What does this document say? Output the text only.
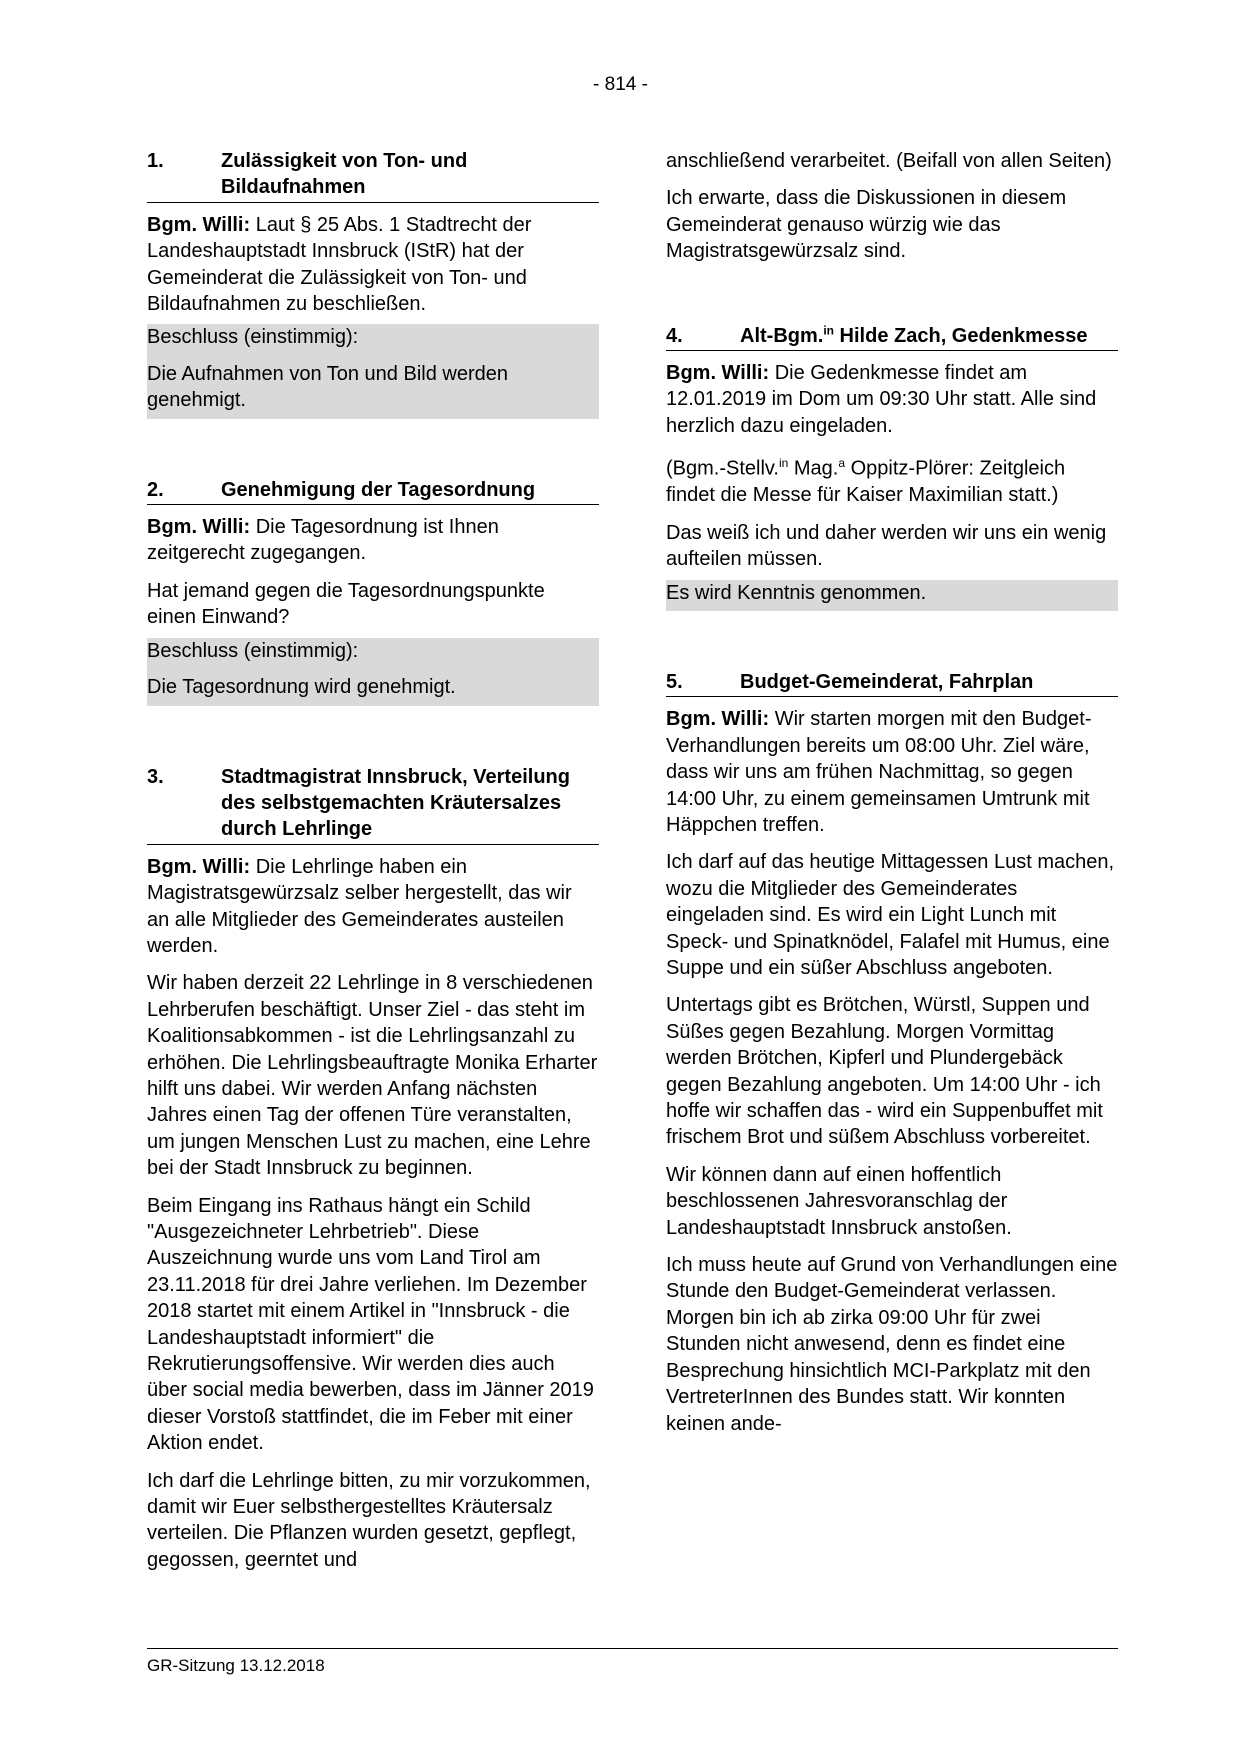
- 814 -
1.	Zulässigkeit von Ton- und Bildaufnahmen

Bgm. Willi: Laut § 25 Abs. 1 Stadtrecht der Landeshauptstadt Innsbruck (IStR) hat der Gemeinderat die Zulässigkeit von Ton- und Bildaufnahmen zu beschließen.

Beschluss (einstimmig):
Die Aufnahmen von Ton und Bild werden genehmigt.
2.	Genehmigung der Tagesordnung

Bgm. Willi: Die Tagesordnung ist Ihnen zeitgerecht zugegangen.

Hat jemand gegen die Tagesordnungspunkte einen Einwand?

Beschluss (einstimmig):
Die Tagesordnung wird genehmigt.
3.	Stadtmagistrat Innsbruck, Verteilung des selbstgemachten Kräutersalzes durch Lehrlinge

Bgm. Willi: Die Lehrlinge haben ein Magistratsgewürzsalz selber hergestellt, das wir an alle Mitglieder des Gemeinderates austeilen werden.

Wir haben derzeit 22 Lehrlinge in 8 verschiedenen Lehrberufen beschäftigt. Unser Ziel - das steht im Koalitionsabkommen - ist die Lehrlingsanzahl zu erhöhen. Die Lehrlingsbeauftragte Monika Erharter hilft uns dabei. Wir werden Anfang nächsten Jahres einen Tag der offenen Türe veranstalten, um jungen Menschen Lust zu machen, eine Lehre bei der Stadt Innsbruck zu beginnen.

Beim Eingang ins Rathaus hängt ein Schild "Ausgezeichneter Lehrbetrieb". Diese Auszeichnung wurde uns vom Land Tirol am 23.11.2018 für drei Jahre verliehen. Im Dezember 2018 startet mit einem Artikel in "Innsbruck - die Landeshauptstadt informiert" die Rekrutierungsoffensive. Wir werden dies auch über social media bewerben, dass im Jänner 2019 dieser Vorstoß stattfindet, die im Feber mit einer Aktion endet.

Ich darf die Lehrlinge bitten, zu mir vorzukommen, damit wir Euer selbsthergestelltes Kräutersalz verteilen. Die Pflanzen wurden gesetzt, gepflegt, gegossen, geerntet und

anschließend verarbeitet. (Beifall von allen Seiten)

Ich erwarte, dass die Diskussionen in diesem Gemeinderat genauso würzig wie das Magistratsgewürzsalz sind.

4.	Alt-Bgm.$^{in}$ Hilde Zach, Gedenkmesse

Bgm. Willi: Die Gedenkmesse findet am 12.01.2019 im Dom um 09:30 Uhr statt. Alle sind herzlich dazu eingeladen.

(Bgm.-Stellv.$^{in}$ Mag.$^a$ Oppitz-Plörer: Zeitgleich findet die Messe für Kaiser Maximilian statt.)

Das weiß ich und daher werden wir uns ein wenig aufteilen müssen.

Es wird Kenntnis genommen.
5.	Budget-Gemeinderat, Fahrplan

Bgm. Willi: Wir starten morgen mit den Budget-Verhandlungen bereits um 08:00 Uhr. Ziel wäre, dass wir uns am frühen Nachmittag, so gegen 14:00 Uhr, zu einem gemeinsamen Umtrunk mit Häppchen treffen.

Ich darf auf das heutige Mittagessen Lust machen, wozu die Mitglieder des Gemeinderates eingeladen sind. Es wird ein Light Lunch mit Speck- und Spinatknödel, Falafel mit Humus, eine Suppe und ein süßer Abschluss angeboten.

Untertags gibt es Brötchen, Würstl, Suppen und Süßes gegen Bezahlung. Morgen Vormittag werden Brötchen, Kipferl und Plundergebäck gegen Bezahlung angeboten. Um 14:00 Uhr - ich hoffe wir schaffen das - wird ein Suppenbuffet mit frischem Brot und süßem Abschluss vorbereitet.

Wir können dann auf einen hoffentlich beschlossenen Jahresvoranschlag der Landeshauptstadt Innsbruck anstoßen.

Ich muss heute auf Grund von Verhandlungen eine Stunde den Budget-Gemeinderat verlassen. Morgen bin ich ab zirka 09:00 Uhr für zwei Stunden nicht anwesend, denn es findet eine Besprechung hinsichtlich MCI-Parkplatz mit den VertreterInnen des Bundes statt. Wir konnten keinen ande-

GR-Sitzung 13.12.2018
